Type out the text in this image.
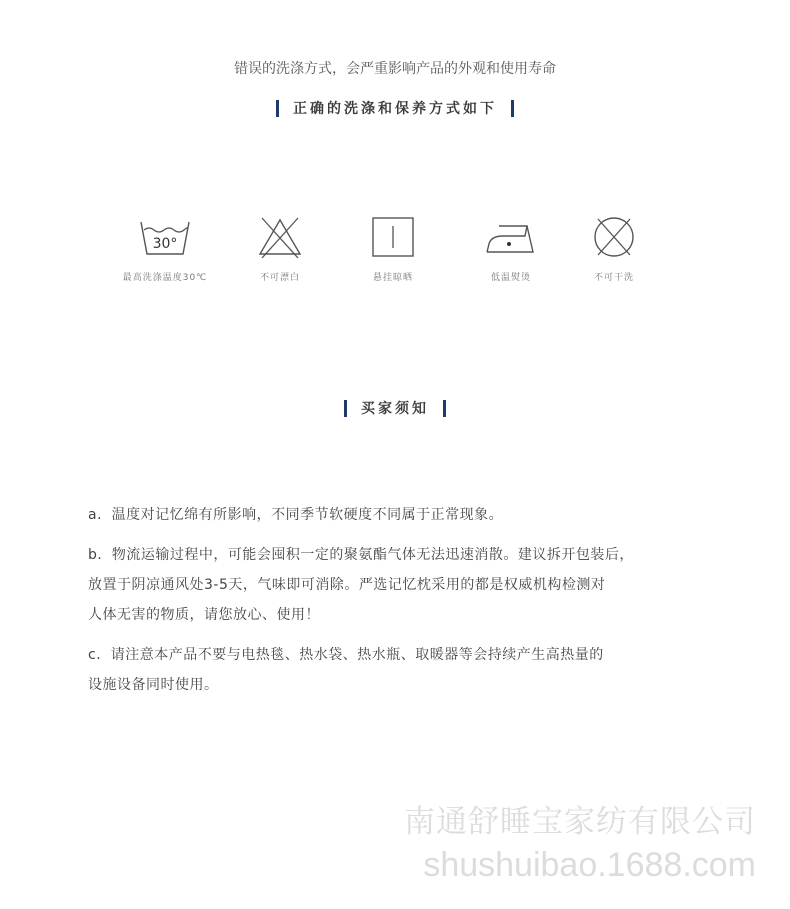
错误的洗涤方式，会严重影响产品的外观和使用寿命
正确的洗涤和保养方式如下
30°
最高洗涤温度30℃	不可漂白	悬挂晾晒	低温熨烫	不可干洗
买家须知
a．温度对记忆绵有所影响，不同季节软硬度不同属于正常现象。
b．物流运输过程中，可能会囤积一定的聚氨酯气体无法迅速消散。建议拆开包装后，
放置于阴凉通风处3-5天，气味即可消除。严选记忆枕采用的都是权威机构检测对
人体无害的物质，请您放心、使用！
c．请注意本产品不要与电热毯、热水袋、热水瓶、取暖器等会持续产生高热量的
设施设备同时使用。
南通舒睡宝家纺有限公司
shushuibao.1688.com
